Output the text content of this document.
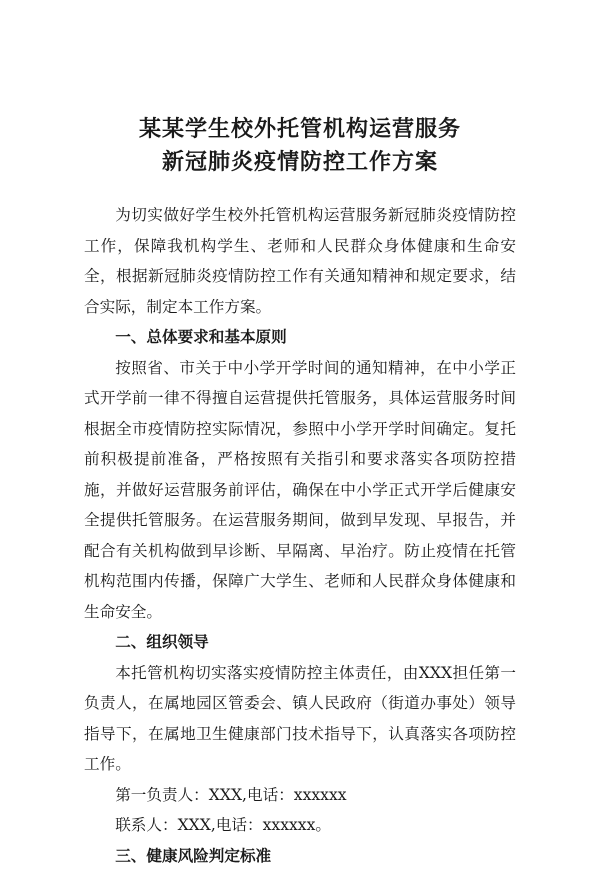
某某学生校外托管机构运营服务
新冠肺炎疫情防控工作方案

为切实做好学生校外托管机构运营服务新冠肺炎疫情防控工作，保障我机构学生、老师和人民群众身体健康和生命安全，根据新冠肺炎疫情防控工作有关通知精神和规定要求，结合实际，制定本工作方案。

一、总体要求和基本原则

按照省、市关于中小学开学时间的通知精神，在中小学正式开学前一律不得擅自运营提供托管服务，具体运营服务时间根据全市疫情防控实际情况，参照中小学开学时间确定。复托前积极提前准备，严格按照有关指引和要求落实各项防控措施，并做好运营服务前评估，确保在中小学正式开学后健康安全提供托管服务。在运营服务期间，做到早发现、早报告，并配合有关机构做到早诊断、早隔离、早治疗。防止疫情在托管机构范围内传播，保障广大学生、老师和人民群众身体健康和生命安全。

二、组织领导

本托管机构切实落实疫情防控主体责任，由XXX担任第一负责人，在属地园区管委会、镇人民政府（街道办事处）领导指导下，在属地卫生健康部门技术指导下，认真落实各项防控工作。

第一负责人：XXX,电话：xxxxxx

联系人：XXX,电话：xxxxxx。

三、健康风险判定标准
